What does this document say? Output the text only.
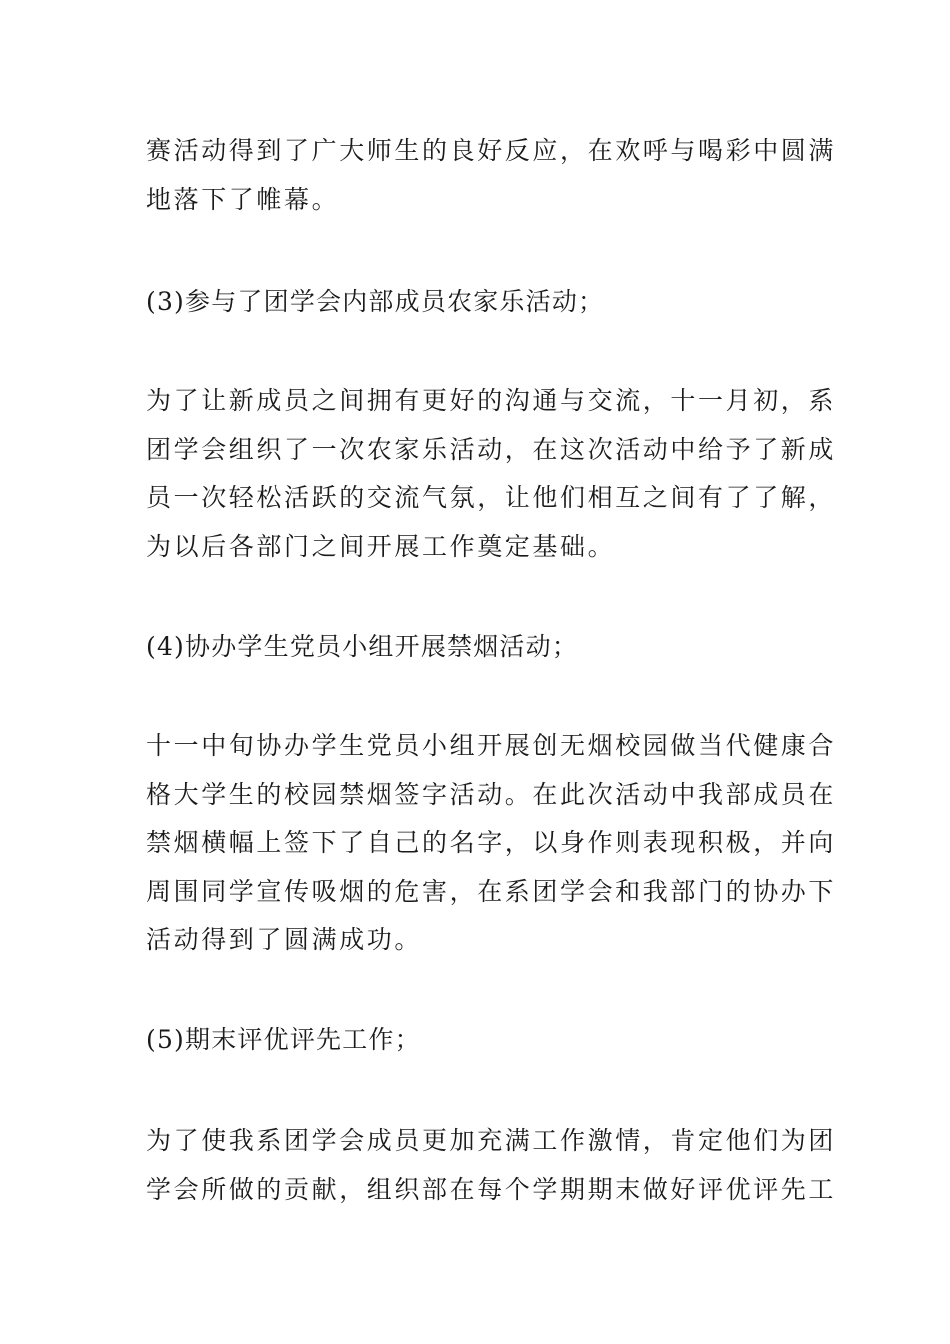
赛活动得到了广大师生的良好反应，在欢呼与喝彩中圆满
地落下了帷幕。

(3)参与了团学会内部成员农家乐活动；

为了让新成员之间拥有更好的沟通与交流，十一月初，系
团学会组织了一次农家乐活动，在这次活动中给予了新成
员一次轻松活跃的交流气氛，让他们相互之间有了了解，
为以后各部门之间开展工作奠定基础。

(4)协办学生党员小组开展禁烟活动；

十一中旬协办学生党员小组开展创无烟校园做当代健康合
格大学生的校园禁烟签字活动。在此次活动中我部成员在
禁烟横幅上签下了自己的名字，以身作则表现积极，并向
周围同学宣传吸烟的危害，在系团学会和我部门的协办下
活动得到了圆满成功。

(5)期末评优评先工作；

为了使我系团学会成员更加充满工作激情，肯定他们为团
学会所做的贡献，组织部在每个学期期末做好评优评先工
